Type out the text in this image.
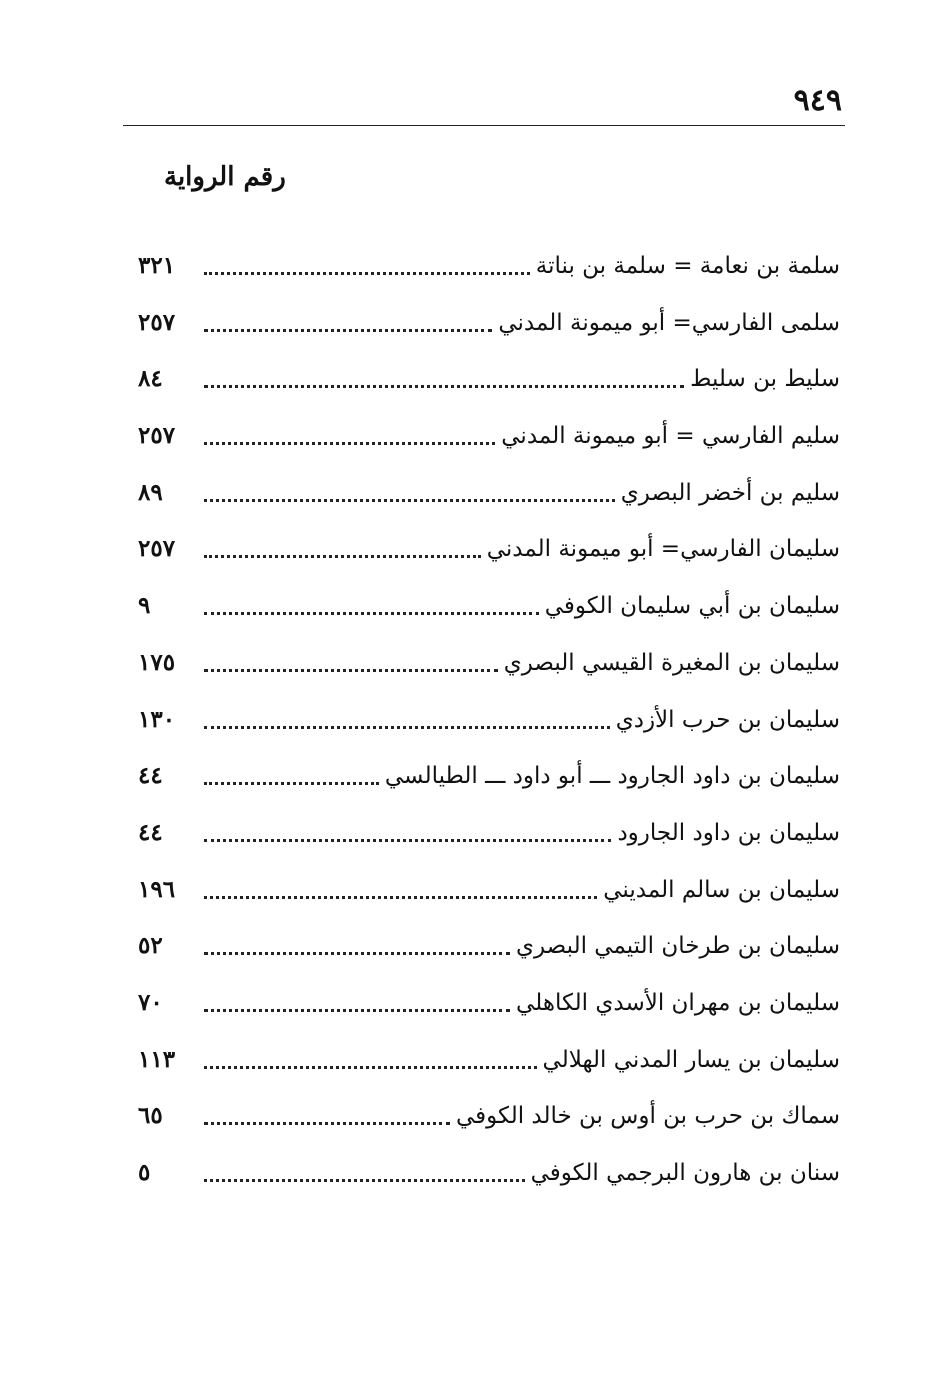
٩٤٩
رقم الرواية
سلمة بن نعامة = سلمة بن بناتة
٣٢١
سلمى الفارسي= أبو ميمونة المدني
٢٥٧
سليط بن سليط
٨٤
سليم الفارسي = أبو ميمونة المدني
٢٥٧
سليم بن أخضر البصري
٨٩
سليمان الفارسي= أبو ميمونة المدني
٢٥٧
سليمان بن أبي سليمان الكوفي
٩
سليمان بن المغيرة القيسي البصري
١٧٥
سليمان بن حرب الأزدي
١٣٠
سليمان بن داود الجارود ـــ أبو داود ـــ الطيالسي
٤٤
سليمان بن داود الجارود
٤٤
سليمان بن سالم المديني
١٩٦
سليمان بن طرخان التيمي البصري
٥٢
سليمان بن مهران الأسدي الكاهلي
٧٠
سليمان بن يسار المدني الهلالي
١١٣
سماك بن حرب بن أوس بن خالد الكوفي
٦٥
سنان بن هارون البرجمي الكوفي
٥
